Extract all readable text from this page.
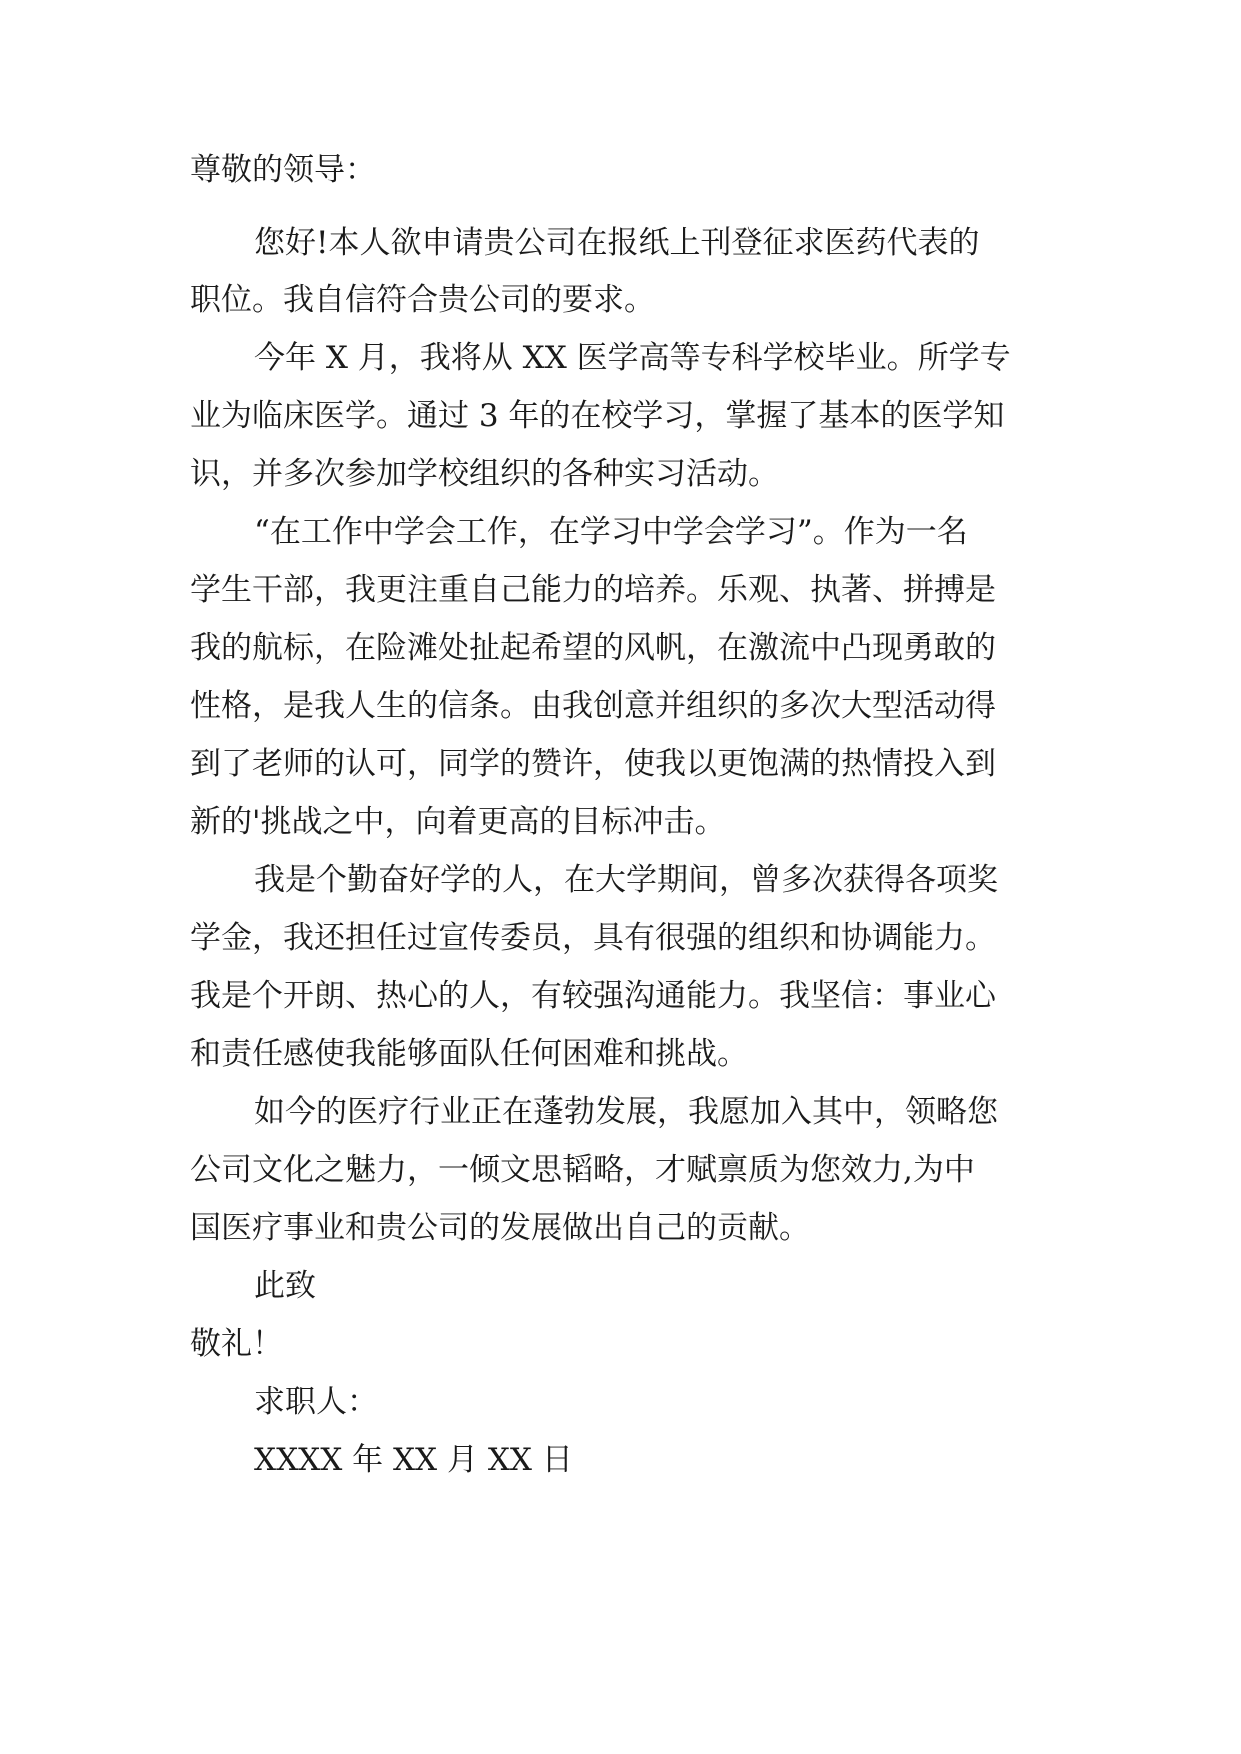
尊敬的领导：

您好!本人欲申请贵公司在报纸上刊登征求医药代表的

职位。我自信符合贵公司的要求。

今年 X 月，我将从 XX 医学高等专科学校毕业。所学专

业为临床医学。通过 3 年的在校学习，掌握了基本的医学知

识，并多次参加学校组织的各种实习活动。

“在工作中学会工作，在学习中学会学习”。作为一名

学生干部，我更注重自己能力的培养。乐观、执著、拼搏是

我的航标，在险滩处扯起希望的风帆，在激流中凸现勇敢的

性格，是我人生的信条。由我创意并组织的多次大型活动得

到了老师的认可，同学的赞许，使我以更饱满的热情投入到

新的'挑战之中，向着更高的目标冲击。

我是个勤奋好学的人，在大学期间，曾多次获得各项奖

学金，我还担任过宣传委员，具有很强的组织和协调能力。

我是个开朗、热心的人，有较强沟通能力。我坚信：事业心

和责任感使我能够面队任何困难和挑战。

如今的医疗行业正在蓬勃发展，我愿加入其中，领略您

公司文化之魅力，一倾文思韬略，才赋禀质为您效力,为中

国医疗事业和贵公司的发展做出自己的贡献。

此致

敬礼！

求职人：

XXXX 年 XX 月 XX 日
